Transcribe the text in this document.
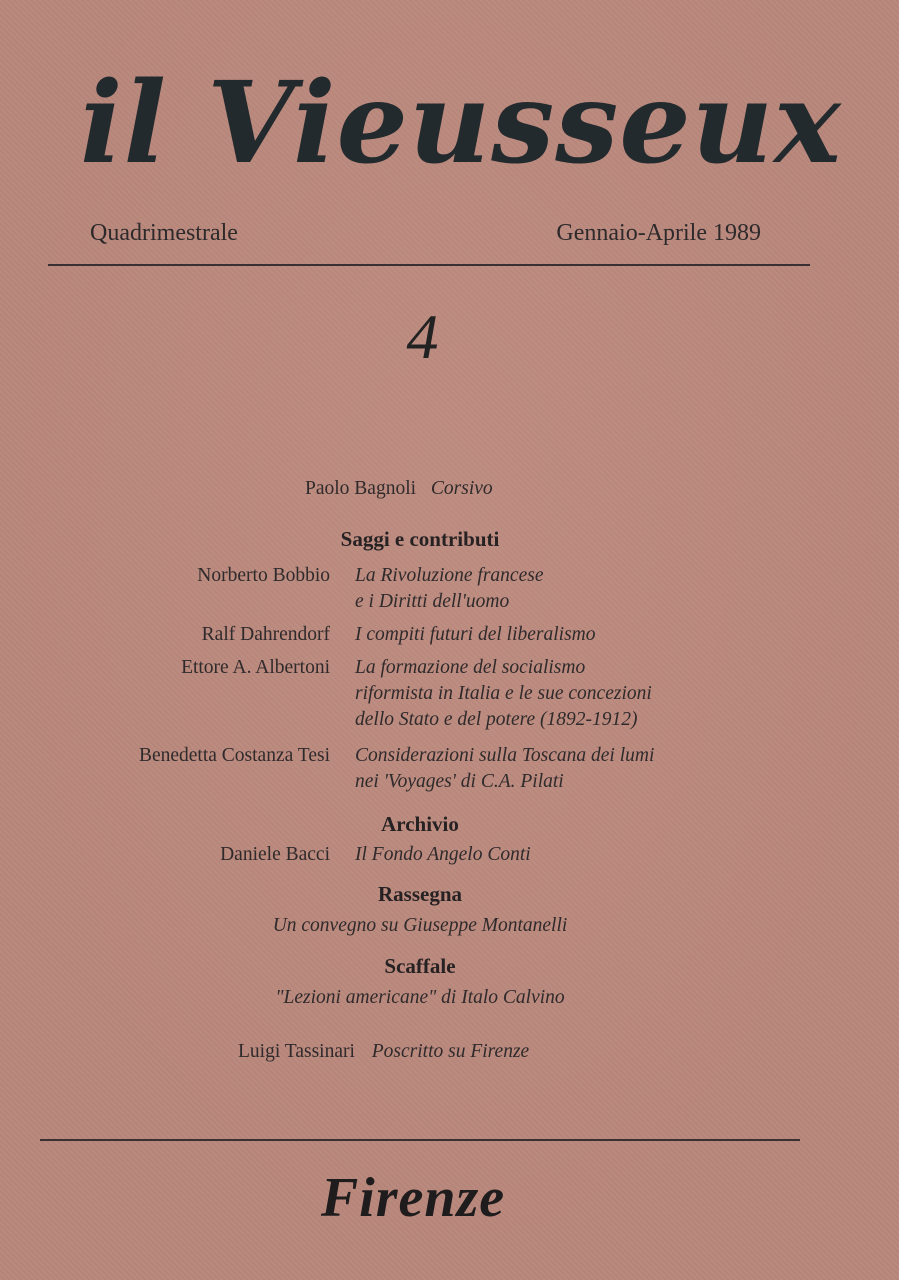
il Vieusseux
Quadrimestrale	Gennaio-Aprile 1989
4
Paolo Bagnoli Corsivo
Saggi e contributi
Norberto Bobbio La Rivoluzione francese
e i Diritti dell'uomo
Ralf Dahrendorf I compiti futuri del liberalismo
Ettore A. Albertoni La formazione del socialismo
riformista in Italia e le sue concezioni
dello Stato e del potere (1892-1912)
Benedetta Costanza Tesi Considerazioni sulla Toscana dei lumi
nei 'Voyages' di C.A. Pilati
Archivio
Daniele Bacci Il Fondo Angelo Conti
Rassegna
Un convegno su Giuseppe Montanelli
Scaffale
"Lezioni americane" di Italo Calvino
Luigi Tassinari Poscritto su Firenze
Firenze
